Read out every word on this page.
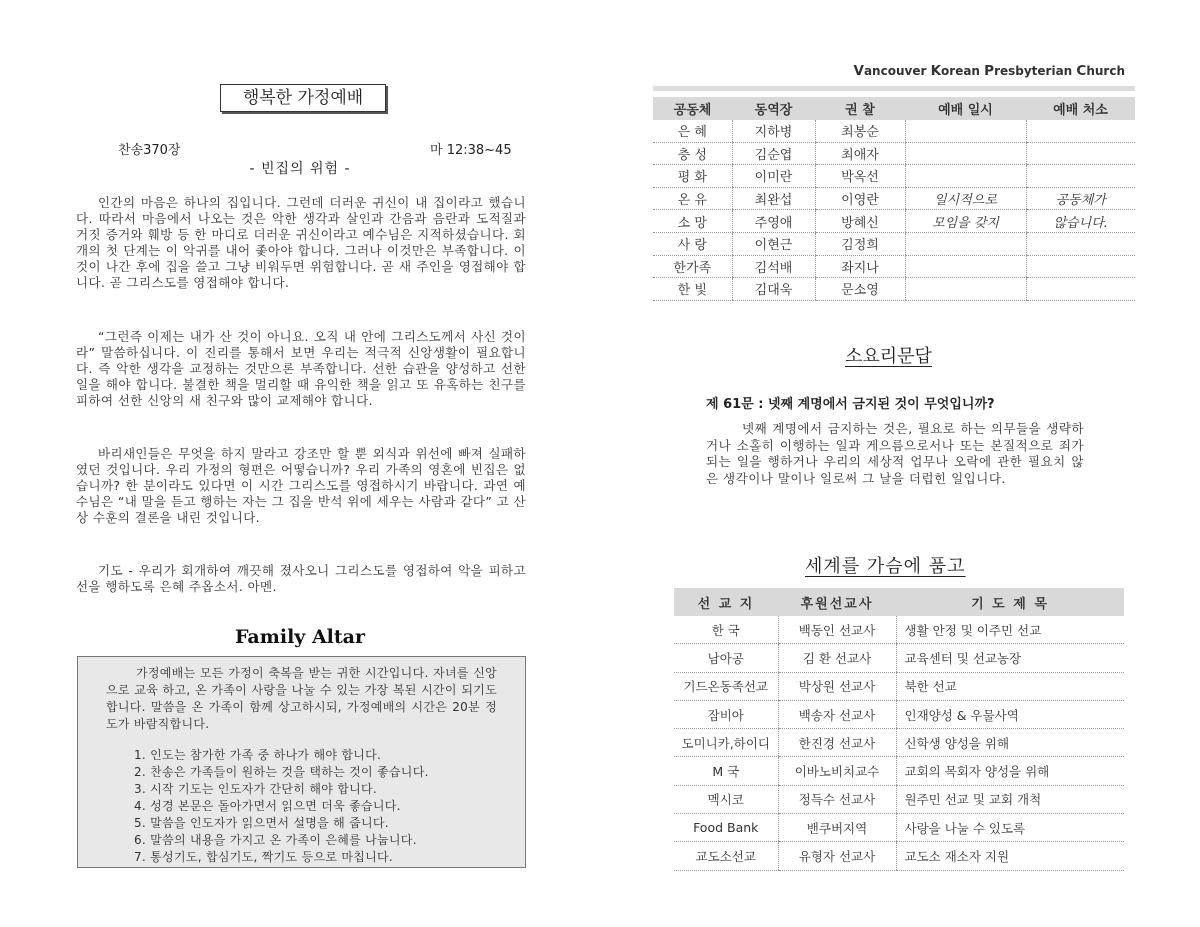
행복한 가정예배
찬송370장	마 12:38~45
- 빈집의 위험 -

인간의 마음은 하나의 집입니다. 그런데 더러운 귀신이 내 집이라고 했습니다. 따라서 마음에서 나오는 것은 악한 생각과 살인과 간음과 음란과 도적질과 거짓 증거와 훼방 등 한 마디로 더러운 귀신이라고 예수님은 지적하셨습니다. 회개의 첫 단계는 이 악귀를 내어 좇아야 합니다. 그러나 이것만은 부족합니다. 이것이 나간 후에 집을 쓸고 그냥 비워두면 위험합니다. 곧 새 주인을 영접해야 합니다. 곧 그리스도를 영접해야 합니다.

“그런즉 이제는 내가 산 것이 아니요. 오직 내 안에 그리스도께서 사신 것이라” 말씀하십니다. 이 진리를 통해서 보면 우리는 적극적 신앙생활이 필요합니다. 즉 악한 생각을 교정하는 것만으론 부족합니다. 선한 습관을 양성하고 선한 일을 해야 합니다. 불결한 책을 멀리할 때 유익한 책을 읽고 또 유혹하는 친구를 피하여 선한 신앙의 새 친구와 많이 교제해야 합니다.

바리새인들은 무엇을 하지 말라고 강조만 할 뿐 외식과 위선에 빠져 실패하였던 것입니다. 우리 가정의 형편은 어떻습니까? 우리 가족의 영혼에 빈집은 없습니까? 한 분이라도 있다면 이 시간 그리스도를 영접하시기 바랍니다. 과연 예수님은 “내 말을 듣고 행하는 자는 그 집을 반석 위에 세우는 사람과 같다” 고 산상 수훈의 결론을 내린 것입니다.

기도 - 우리가 회개하여 깨끗해 졌사오니 그리스도를 영접하여 악을 피하고 선을 행하도록 은혜 주옵소서. 아멘.

Family Altar
가정예배는 모든 가정이 축복을 받는 귀한 시간입니다. 자녀를 신앙으로 교육 하고, 온 가족이 사랑을 나눌 수 있는 가장 복된 시간이 되기도 합니다. 말씀을 온 가족이 함께 상고하시되, 가정예배의 시간은 20분 정도가 바람직합니다.
1. 인도는 참가한 가족 중 하나가 해야 합니다.
2. 찬송은 가족들이 원하는 것을 택하는 것이 좋습니다.
3. 시작 기도는 인도자가 간단히 해야 합니다.
4. 성경 본문은 돌아가면서 읽으면 더욱 좋습니다.
5. 말씀을 인도자가 읽으면서 설명을 해 줍니다.
6. 말씀의 내용을 가지고 온 가족이 은혜를 나눕니다.
7. 통성기도, 합심기도, 짝기도 등으로 마칩니다.
Vancouver Korean Presbyterian Church
공동체	동역장	권 찰	예배 일시	예배 처소
은 혜	지하병	최봉순		
충 성	김순엽	최애자		
평 화	이미란	박옥선		
온 유	최완섭	이영란	일시적으로	공동체가
소 망	주영애	방혜신	모임을 갖지	않습니다.
사 랑	이현근	김정희		
한가족	김석배	좌지나		
한 빛	김대욱	문소영		
소요리문답
제 61문 : 넷째 계명에서 금지된 것이 무엇입니까?

넷째 계명에서 금지하는 것은, 필요로 하는 의무들을 생략하거나 소홀히 이행하는 일과 게으름으로서나 또는 본질적으로 죄가 되는 일을 행하거나 우리의 세상적 업무나 오락에 관한 필요치 않은 생각이나 말이나 일로써 그 날을 더럽힌 일입니다.

세계를 가슴에 품고
선 교 지	후원선교사	기 도 제 목
한 국	백동인 선교사	생활 안정 및 이주민 선교
남아공	김 환 선교사	교육센터 및 선교농장
기드온동족선교	박상원 선교사	북한 선교
잠비아	백송자 선교사	인재양성 & 우물사역
도미니카,하이디	한진경 선교사	신학생 양성을 위해
M 국	이바노비치교수	교회의 목회자 양성을 위해
멕시코	정득수 선교사	원주민 선교 및 교회 개척
Food Bank	밴쿠버지역	사랑을 나눌 수 있도록
교도소선교	유형자 선교사	교도소 재소자 지원
